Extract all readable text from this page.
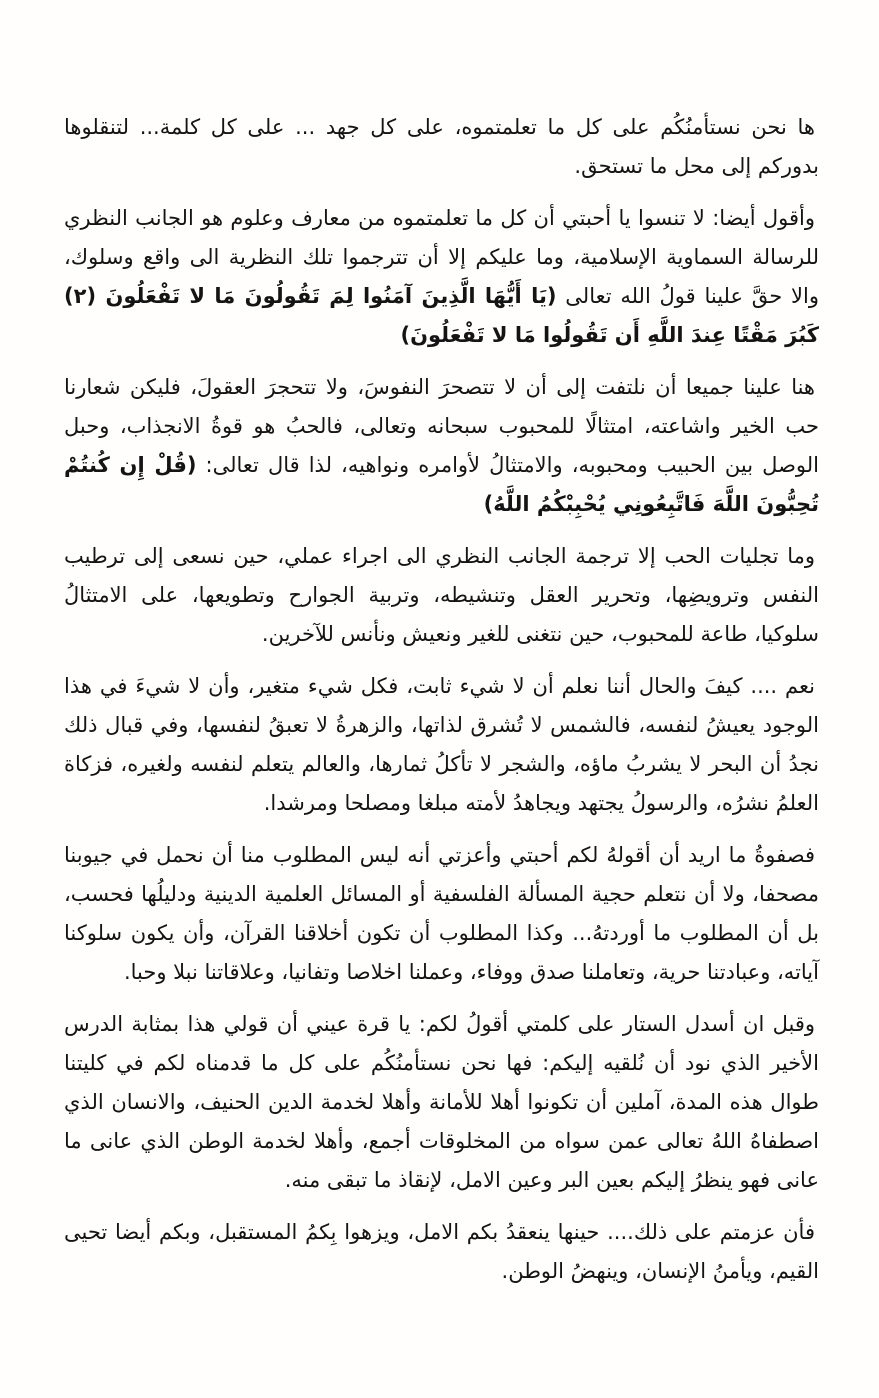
ها نحن نستأمنُكُم على كل ما تعلمتموه، على كل جهد ... على كل كلمة... لتنقلوها بدوركم إلى محل ما تستحق.

وأقول أيضا: لا تنسوا يا أحبتي أن كل ما تعلمتموه من معارف وعلوم هو الجانب النظري للرسالة السماوية الإسلامية، وما عليكم إلا أن تترجموا تلك النظرية الى واقع وسلوك، والا حقَّ علينا قولُ الله تعالى (يَا أَيُّهَا الَّذِينَ آمَنُوا لِمَ تَقُولُونَ مَا لا تَفْعَلُونَ (٢) كَبُرَ مَقْتًا عِندَ اللَّهِ أَن تَقُولُوا مَا لا تَفْعَلُونَ)

هنا علينا جميعا أن نلتفت إلى أن لا تتصحرَ النفوسَ، ولا تتحجرَ العقولَ، فليكن شعارنا حب الخير واشاعته، امتثالًا للمحبوب سبحانه وتعالى، فالحبُ هو قوةُ الانجذاب، وحبل الوصل بين الحبيب ومحبوبه، والامتثالُ لأوامره ونواهيه، لذا قال تعالى: (قُلْ إِن كُنتُمْ تُحِبُّونَ اللَّهَ فَاتَّبِعُونِي يُحْبِبْكُمُ اللَّهُ)

وما تجليات الحب إلا ترجمة الجانب النظري الى اجراء عملي، حين نسعى إلى ترطيب النفس وترويضِها، وتحرير العقل وتنشيطه، وتربية الجوارح وتطويعها، على الامتثالُ سلوكيا، طاعة للمحبوب، حين نتغنى للغير ونعيش ونأنس للآخرين.

نعم .... كيفَ والحال أننا نعلم أن لا شيء ثابت، فكل شيء متغير، وأن لا شيءَ في هذا الوجود يعيشُ لنفسه، فالشمس لا تُشرق لذاتها، والزهرةُ لا تعبقُ لنفسها، وفي قبال ذلك نجدُ أن البحر لا يشربُ ماؤه، والشجر لا تأكلُ ثمارها، والعالم يتعلم لنفسه ولغيره، فزكاة العلمُ نشرُه، والرسولُ يجتهد ويجاهدُ لأمته مبلغا ومصلحا ومرشدا.

فصفوةُ ما اريد أن أقولهُ لكم أحبتي وأعزتي أنه ليس المطلوب منا أن نحمل في جيوبنا مصحفا، ولا أن نتعلم حجية المسألة الفلسفية أو المسائل العلمية الدينية ودليلُها فحسب، بل أن المطلوب ما أوردتهُ... وكذا المطلوب أن تكون أخلاقنا القرآن، وأن يكون سلوكنا آياته، وعبادتنا حرية، وتعاملنا صدق ووفاء، وعملنا اخلاصا وتفانيا، وعلاقاتنا نبلا وحبا.

وقبل ان أسدل الستار على كلمتي أقولُ لكم: يا قرة عيني أن قولي هذا بمثابة الدرس الأخير الذي نود أن نُلقيه إليكم: فها نحن نستأمنُكُم على كل ما قدمناه لكم في كليتنا طوال هذه المدة، آملين أن تكونوا أهلا للأمانة وأهلا لخدمة الدين الحنيف، والانسان الذي اصطفاهُ اللهُ تعالى عمن سواه من المخلوقات أجمع، وأهلا لخدمة الوطن الذي عانى ما عانى فهو ينظرُ إليكم بعين البر وعين الامل، لإنقاذ ما تبقى منه.

فأن عزمتم على ذلك.... حينها ينعقدُ بكم الامل، ويزهوا بِكمُ المستقبل، وبكم أيضا تحيى القيم، ويأمنُ الإنسان، وينهضُ الوطن.
